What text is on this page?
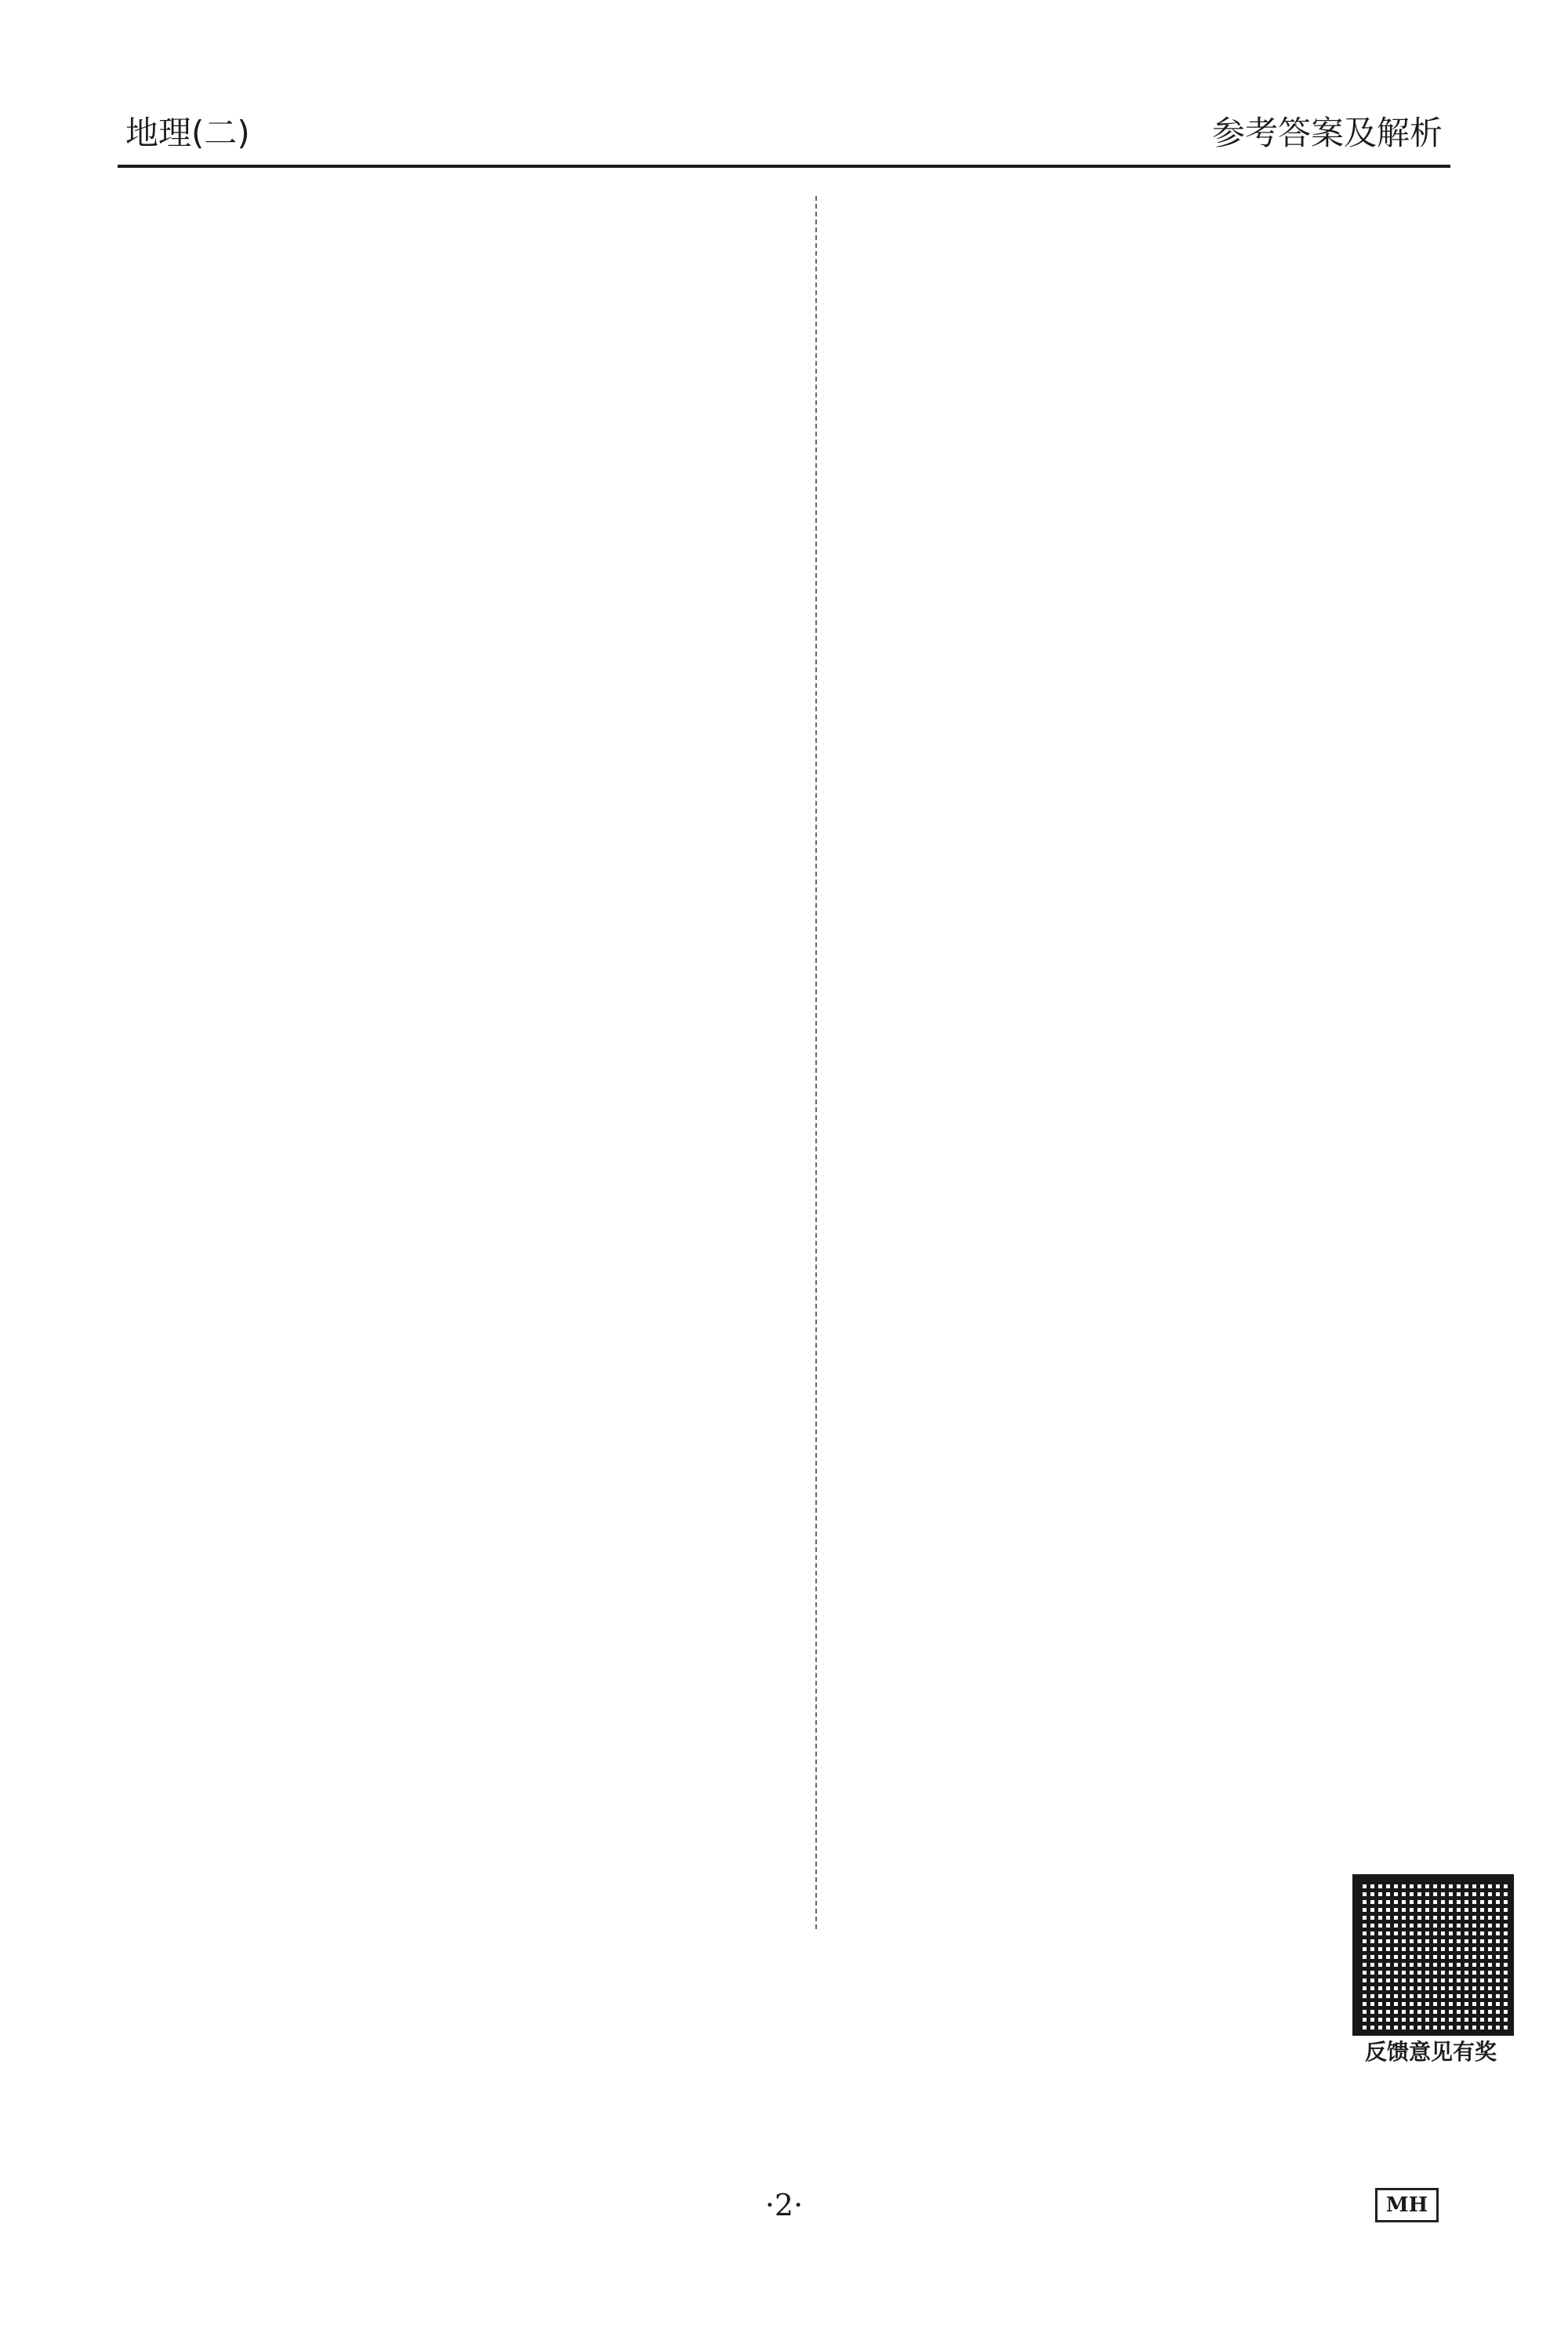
地理(二)	参考答案及解析
反馈意见有奖
·2·	MH
